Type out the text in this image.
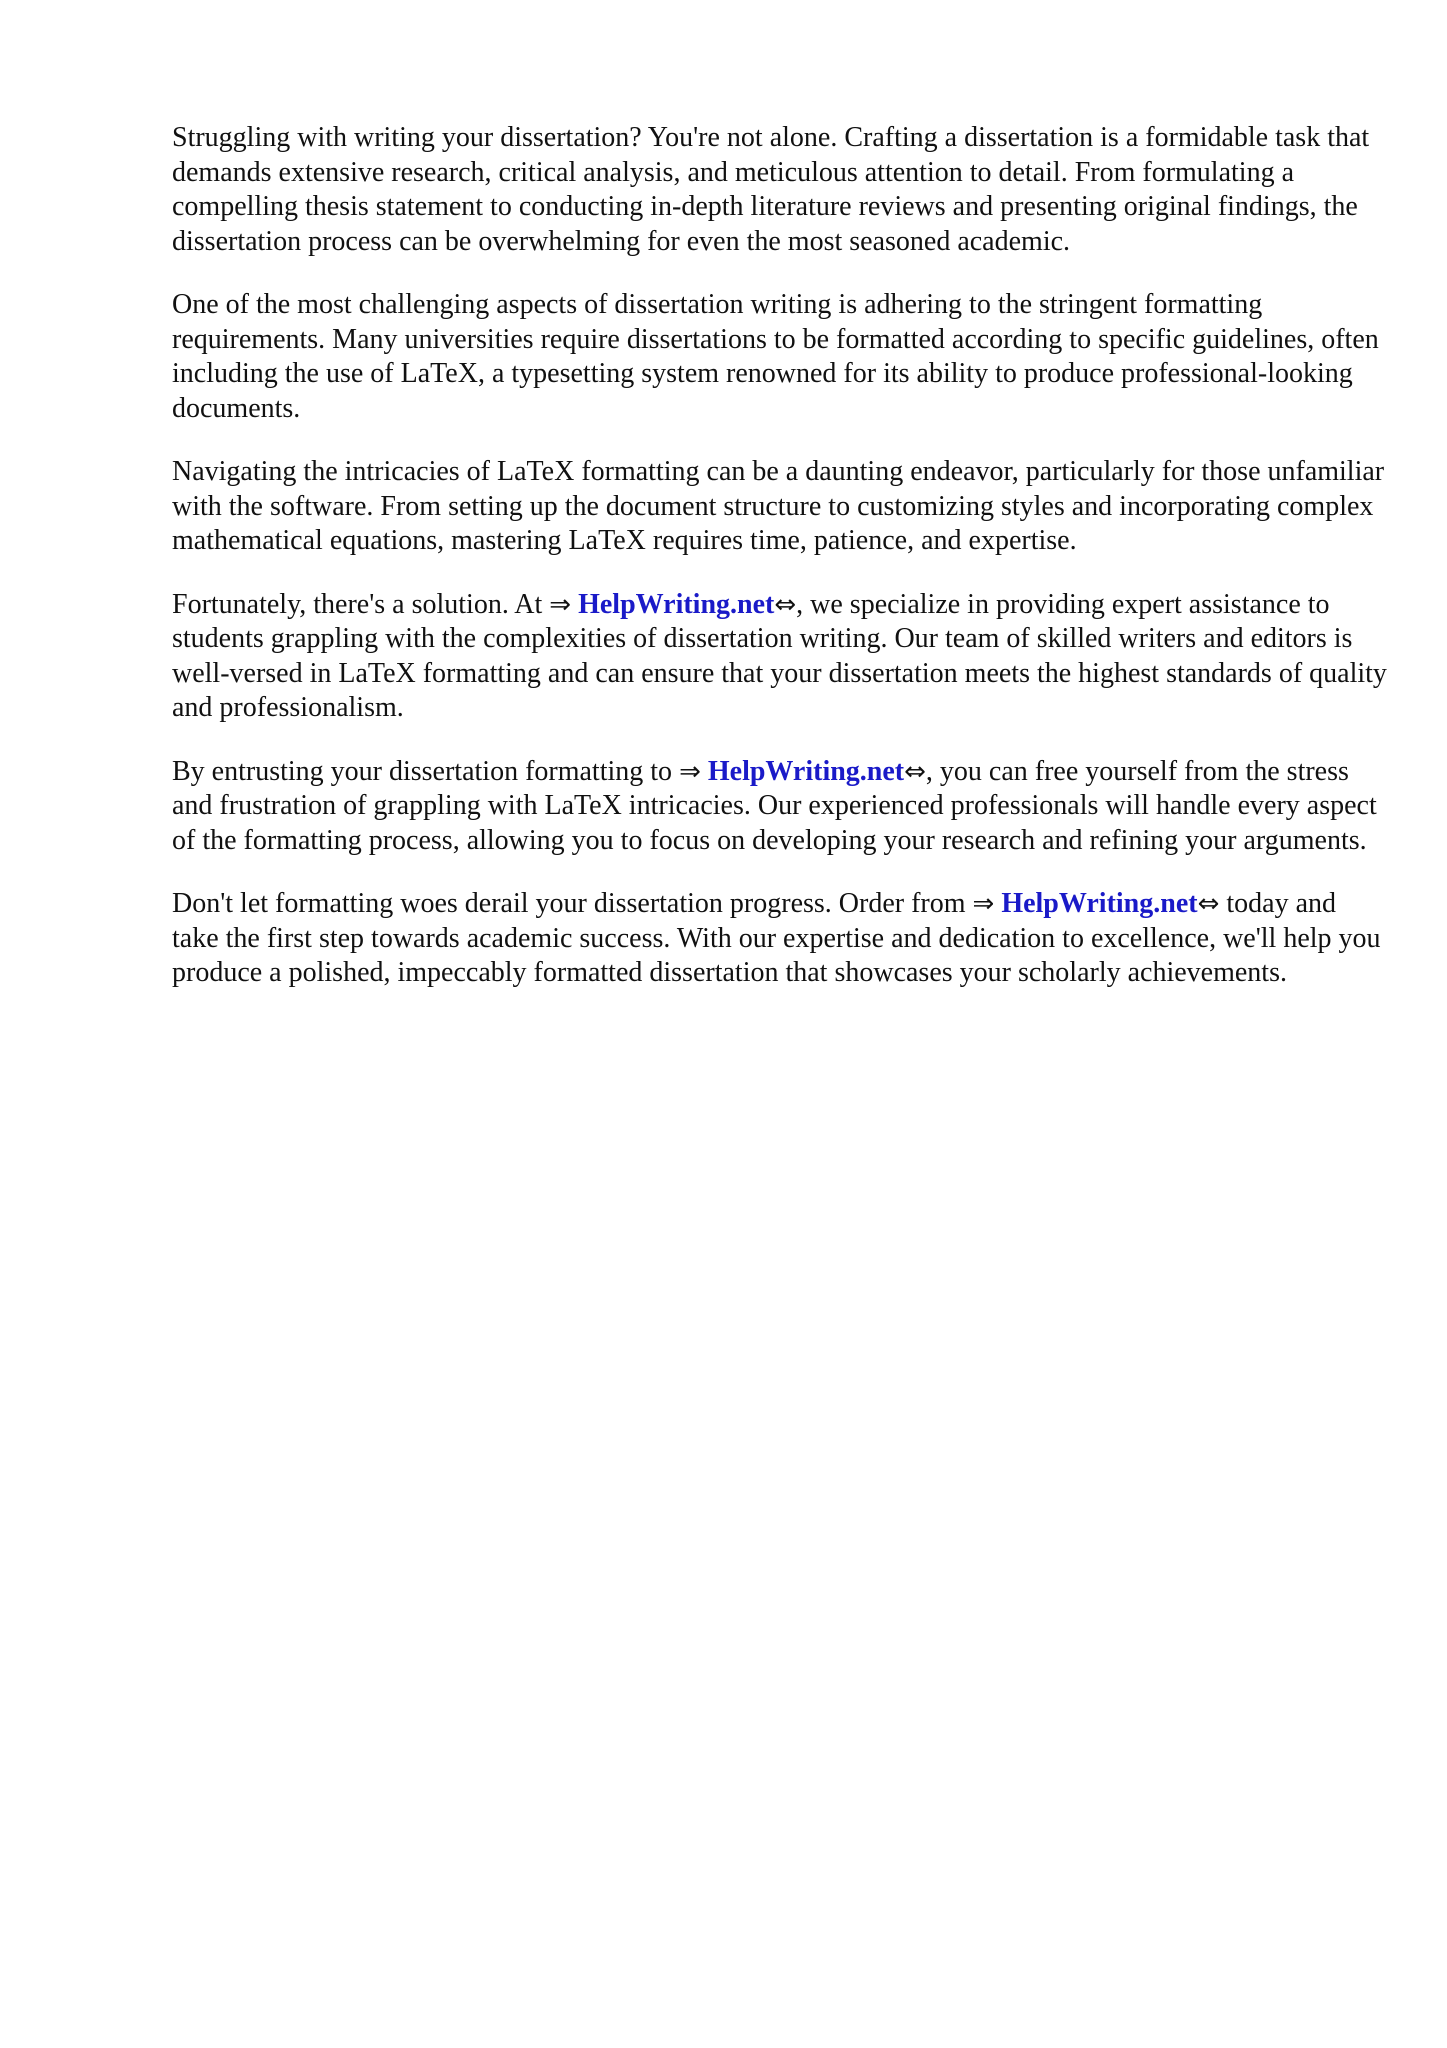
Struggling with writing your dissertation? You're not alone. Crafting a dissertation is a formidable task that demands extensive research, critical analysis, and meticulous attention to detail. From formulating a compelling thesis statement to conducting in-depth literature reviews and presenting original findings, the dissertation process can be overwhelming for even the most seasoned academic.

One of the most challenging aspects of dissertation writing is adhering to the stringent formatting requirements. Many universities require dissertations to be formatted according to specific guidelines, often including the use of LaTeX, a typesetting system renowned for its ability to produce professional-looking documents.

Navigating the intricacies of LaTeX formatting can be a daunting endeavor, particularly for those unfamiliar with the software. From setting up the document structure to customizing styles and incorporating complex mathematical equations, mastering LaTeX requires time, patience, and expertise.

Fortunately, there's a solution. At ⇒ HelpWriting.net⇔, we specialize in providing expert assistance to students grappling with the complexities of dissertation writing. Our team of skilled writers and editors is well-versed in LaTeX formatting and can ensure that your dissertation meets the highest standards of quality and professionalism.

By entrusting your dissertation formatting to ⇒ HelpWriting.net⇔, you can free yourself from the stress and frustration of grappling with LaTeX intricacies. Our experienced professionals will handle every aspect of the formatting process, allowing you to focus on developing your research and refining your arguments.

Don't let formatting woes derail your dissertation progress. Order from ⇒ HelpWriting.net⇔ today and take the first step towards academic success. With our expertise and dedication to excellence, we'll help you produce a polished, impeccably formatted dissertation that showcases your scholarly achievements.
